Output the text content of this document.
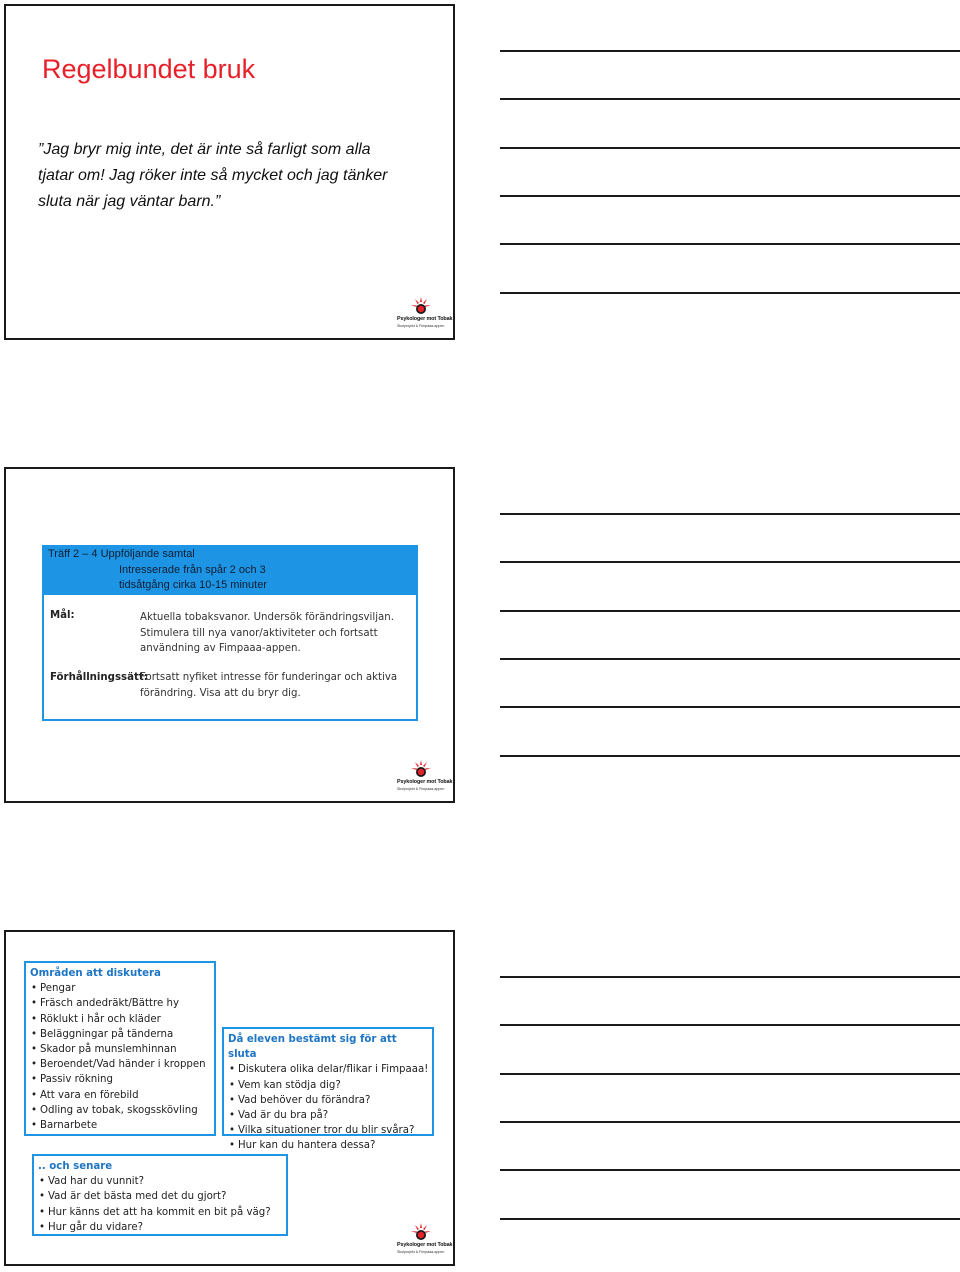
Regelbundet bruk
”Jag bryr mig inte, det är inte så farligt som alla
tjatar om! Jag röker inte så mycket och jag tänker
sluta när jag väntar barn.”
Psykologer mot Tobak
Skolprojekt & Fimpaaa-appen
Träff 2 – 4 Uppföljande samtal
Intresserade från spår 2 och 3
tidsåtgång cirka 10-15 minuter
Mål:	Aktuella tobaksvanor. Undersök förändringsviljan.
Stimulera till nya vanor/aktiviteter och fortsatt
användning av Fimpaaa-appen.
Förhållningssätt:
Fortsatt nyfiket intresse för funderingar och aktiva
förändring. Visa att du bryr dig.
Psykologer mot Tobak
Skolprojekt & Fimpaaa-appen
Områden att diskutera
• Pengar
• Fräsch andedräkt/Bättre hy
• Röklukt i hår och kläder
• Beläggningar på tänderna
• Skador på munslemhinnan
• Beroendet/Vad händer i kroppen
• Passiv rökning
• Att vara en förebild
• Odling av tobak, skogsskövling
• Barnarbete
Då eleven bestämt sig för att sluta
• Diskutera olika delar/flikar i Fimpaaa!
• Vem kan stödja dig?
• Vad behöver du förändra?
• Vad är du bra på?
• Vilka situationer tror du blir svåra?
• Hur kan du hantera dessa?
.. och senare
• Vad har du vunnit?
• Vad är det bästa med det du gjort?
• Hur känns det att ha kommit en bit på väg?
• Hur går du vidare?
Psykologer mot Tobak
Skolprojekt & Fimpaaa-appen
